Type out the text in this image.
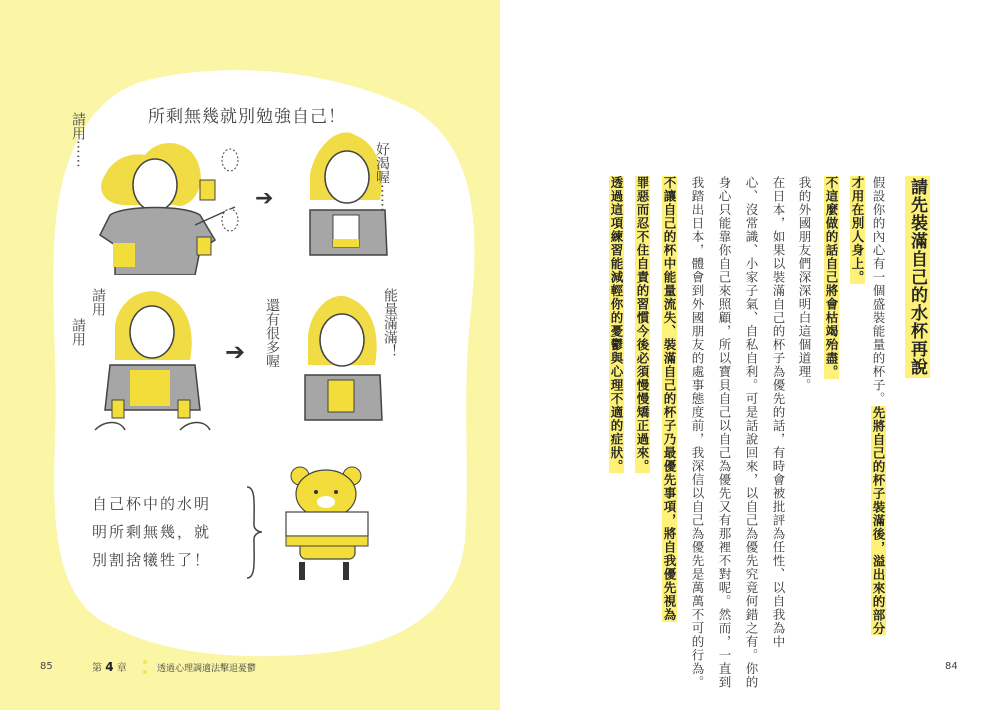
所剩無幾就別勉強自己！
請用⋯⋯
➔	好渴喔⋯⋯
請用
請用
➔ 還有很多喔	能量滿滿！
自己杯中的水明
明所剩無幾，就
別割捨犧牲了！
85	第 4 章	透過心理調適法擊退憂鬱
請先裝滿自己的水杯再說
假設你的內心有一個盛裝能量的杯子。先將自己的杯子裝滿後，溢出來的部分
才用在別人身上。
不這麼做的話自己將會枯竭殆盡。
我的外國朋友們深深明白這個道理。
在日本，如果以裝滿自己的杯子為優先的話，有時會被批評為任性、以自我為中
心、沒常識、小家子氣、自私自利。可是話說回來，以自己為優先究竟何錯之有。你的
身心只能靠你自己來照顧，所以寶貝自己以自己為優先又有那裡不對呢。然而，一直到
我踏出日本，體會到外國朋友的處事態度前，我深信以自己為優先是萬萬不可的行為。
不讓自己的杯中能量流失、裝滿自己的杯子乃最優先事項，將自我優先視為
罪惡而忍不住自責的習慣今後必須慢慢矯正過來。
透過這項練習能減輕你的憂鬱與心理不適的症狀。
84
